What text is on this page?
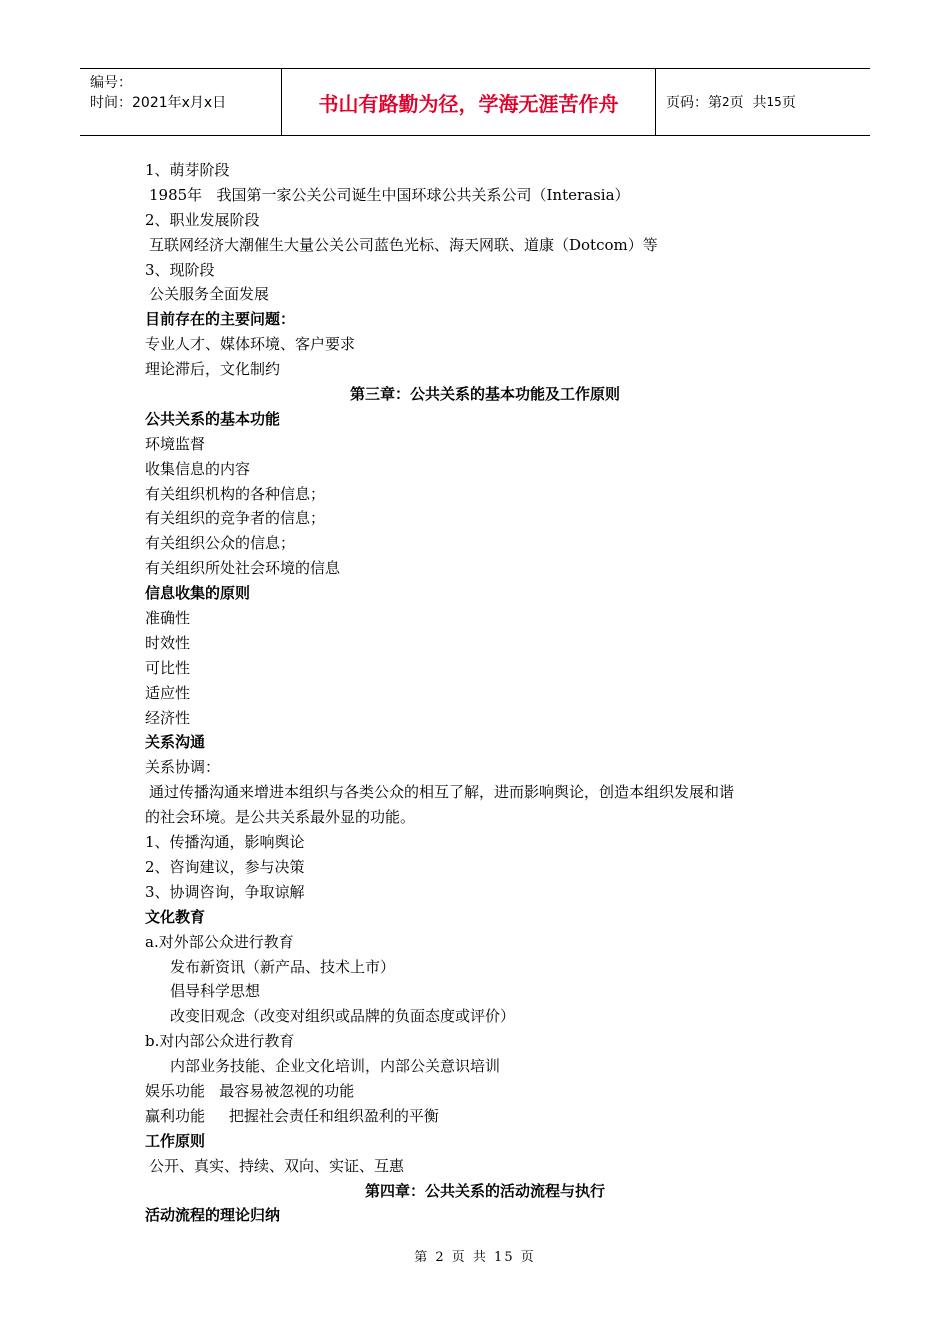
编号：
时间：2021年x月x日	书山有路勤为径，学海无涯苦作舟	页码：第 2 页  共 15 页
1、萌芽阶段
1985年   我国第一家公关公司诞生中国环球公共关系公司（Interasia）
2、职业发展阶段
互联网经济大潮催生大量公关公司蓝色光标、海天网联、道康（Dotcom）等
3、现阶段
公关服务全面发展
目前存在的主要问题：
专业人才、媒体环境、客户要求
理论滞后，文化制约
第三章：公共关系的基本功能及工作原则
公共关系的基本功能
环境监督
收集信息的内容
有关组织机构的各种信息；
有关组织的竞争者的信息；
有关组织公众的信息；
有关组织所处社会环境的信息
信息收集的原则
准确性
时效性
可比性
适应性
经济性
关系沟通
关系协调：
通过传播沟通来增进本组织与各类公众的相互了解，进而影响舆论，创造本组织发展和谐
的社会环境。是公共关系最外显的功能。
1、传播沟通，影响舆论
2、咨询建议，参与决策
3、协调咨询，争取谅解
文化教育
a.对外部公众进行教育
发布新资讯（新产品、技术上市）
倡导科学思想
改变旧观念（改变对组织或品牌的负面态度或评价）
b.对内部公众进行教育
内部业务技能、企业文化培训，内部公关意识培训
娱乐功能   最容易被忽视的功能
赢利功能     把握社会责任和组织盈利的平衡
工作原则
公开、真实、持续、双向、实证、互惠
第四章：公共关系的活动流程与执行
活动流程的理论归纳
第 2 页 共 15 页
